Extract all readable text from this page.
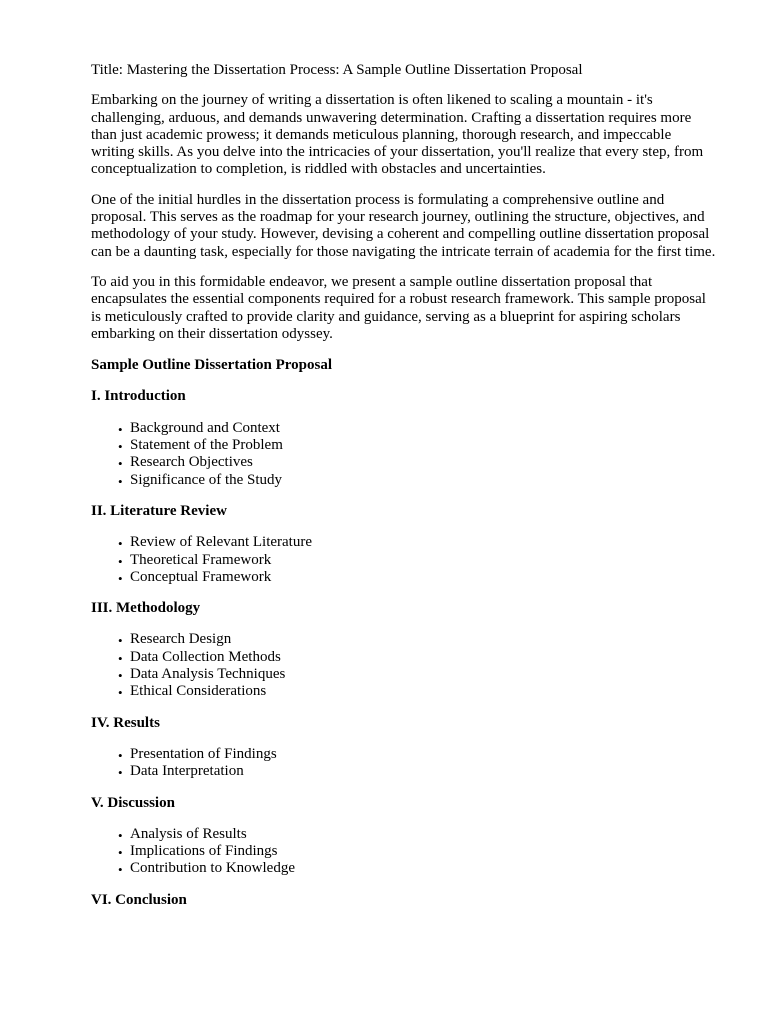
Title: Mastering the Dissertation Process: A Sample Outline Dissertation Proposal

Embarking on the journey of writing a dissertation is often likened to scaling a mountain - it's challenging, arduous, and demands unwavering determination. Crafting a dissertation requires more than just academic prowess; it demands meticulous planning, thorough research, and impeccable writing skills. As you delve into the intricacies of your dissertation, you'll realize that every step, from conceptualization to completion, is riddled with obstacles and uncertainties.

One of the initial hurdles in the dissertation process is formulating a comprehensive outline and proposal. This serves as the roadmap for your research journey, outlining the structure, objectives, and methodology of your study. However, devising a coherent and compelling outline dissertation proposal can be a daunting task, especially for those navigating the intricate terrain of academia for the first time.

To aid you in this formidable endeavor, we present a sample outline dissertation proposal that encapsulates the essential components required for a robust research framework. This sample proposal is meticulously crafted to provide clarity and guidance, serving as a blueprint for aspiring scholars embarking on their dissertation odyssey.

Sample Outline Dissertation Proposal

I. Introduction

• Background and Context
• Statement of the Problem
• Research Objectives
• Significance of the Study

II. Literature Review

• Review of Relevant Literature
• Theoretical Framework
• Conceptual Framework

III. Methodology

• Research Design
• Data Collection Methods
• Data Analysis Techniques
• Ethical Considerations

IV. Results

• Presentation of Findings
• Data Interpretation

V. Discussion

• Analysis of Results
• Implications of Findings
• Contribution to Knowledge

VI. Conclusion
